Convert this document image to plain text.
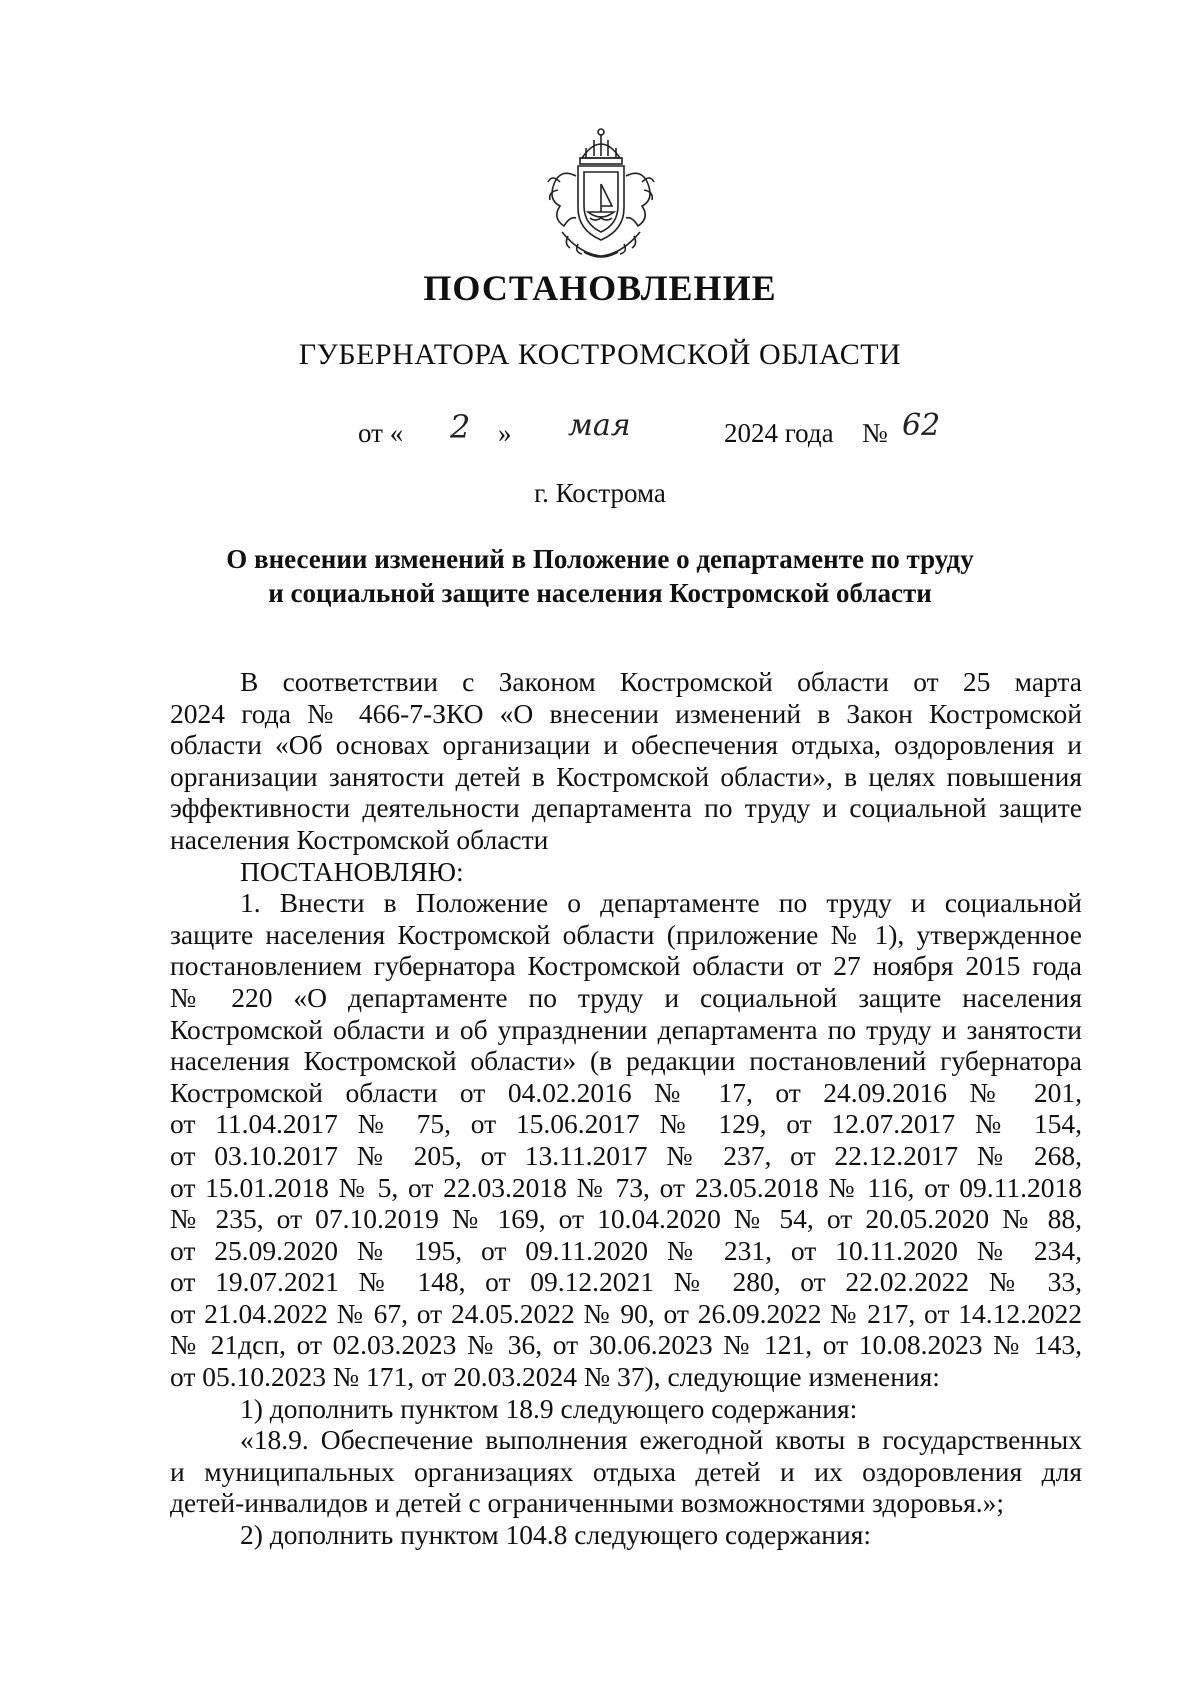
ПОСТАНОВЛЕНИЕ
ГУБЕРНАТОРА КОСТРОМСКОЙ ОБЛАСТИ
от « 2 » мая	2024 года № 62
г. Кострома
О внесении изменений в Положение о департаменте по труду
и социальной защите населения Костромской области
В соответствии с Законом Костромской области от 25 марта
2024 года № 466-7-ЗКО «О внесении изменений в Закон Костромской
области «Об основах организации и обеспечения отдыха, оздоровления и
организации занятости детей в Костромской области», в целях повышения
эффективности деятельности департамента по труду и социальной защите
населения Костромской области
ПОСТАНОВЛЯЮ:
1. Внести в Положение о департаменте по труду и социальной
защите населения Костромской области (приложение № 1), утвержденное
постановлением губернатора Костромской области от 27 ноября 2015 года
№ 220 «О департаменте по труду и социальной защите населения
Костромской области и об упразднении департамента по труду и занятости
населения Костромской области» (в редакции постановлений губернатора
Костромской области от 04.02.2016 № 17, от 24.09.2016 № 201,
от 11.04.2017 № 75, от 15.06.2017 № 129, от 12.07.2017 № 154,
от 03.10.2017 № 205, от 13.11.2017 № 237, от 22.12.2017 № 268,
от 15.01.2018 № 5, от 22.03.2018 № 73, от 23.05.2018 № 116, от 09.11.2018
№ 235, от 07.10.2019 № 169, от 10.04.2020 № 54, от 20.05.2020 № 88,
от 25.09.2020 № 195, от 09.11.2020 № 231, от 10.11.2020 № 234,
от 19.07.2021 № 148, от 09.12.2021 № 280, от 22.02.2022 № 33,
от 21.04.2022 № 67, от 24.05.2022 № 90, от 26.09.2022 № 217, от 14.12.2022
№ 21дсп, от 02.03.2023 № 36, от 30.06.2023 № 121, от 10.08.2023 № 143,
от 05.10.2023 № 171, от 20.03.2024 № 37), следующие изменения:
1) дополнить пунктом 18.9 следующего содержания:
«18.9. Обеспечение выполнения ежегодной квоты в государственных
и муниципальных организациях отдыха детей и их оздоровления для
детей-инвалидов и детей с ограниченными возможностями здоровья.»;
2) дополнить пунктом 104.8 следующего содержания:
